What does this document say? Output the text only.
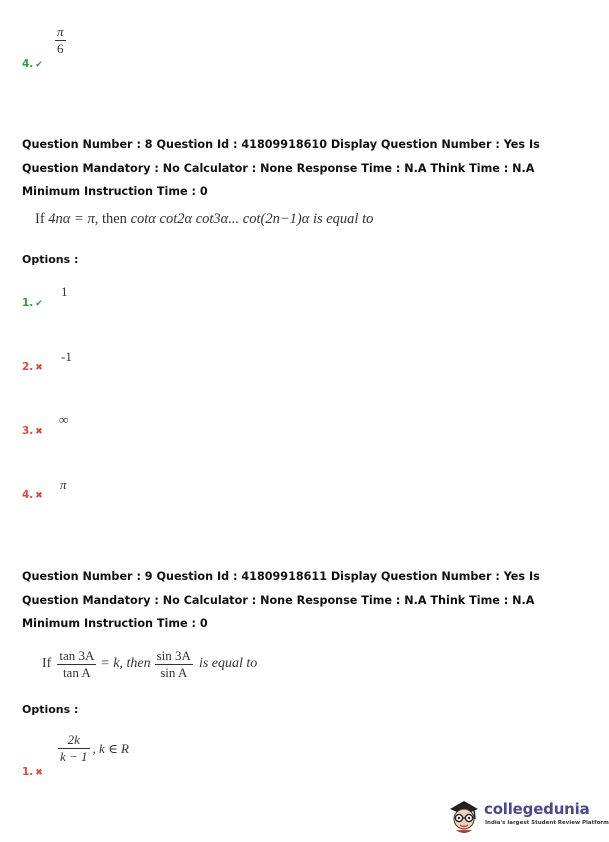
4. ✔
$\frac{\pi}{6}$
Question Number : 8 Question Id : 41809918610 Display Question Number : Yes Is Question Mandatory : No Calculator : None Response Time : N.A Think Time : N.A Minimum Instruction Time : 0
If 4nα = π, then cotα cot2α cot3α... cot(2n−1)α is equal to
Options :
1. ✔
1
2. ✖
-1
3. ✖
∞
4. ✖
π
Question Number : 9 Question Id : 41809918611 Display Question Number : Yes Is Question Mandatory : No Calculator : None Response Time : N.A Think Time : N.A Minimum Instruction Time : 0
If $\frac{\tan 3A}{\text{tan A}} = k$, then $\frac{\sin 3A}{\text{sin A}}$ is equal to
Options :
1. ✖
$\frac{2k}{k - 1}$ , k ∈ R
collegedunia
India's largest Student Review Platform
